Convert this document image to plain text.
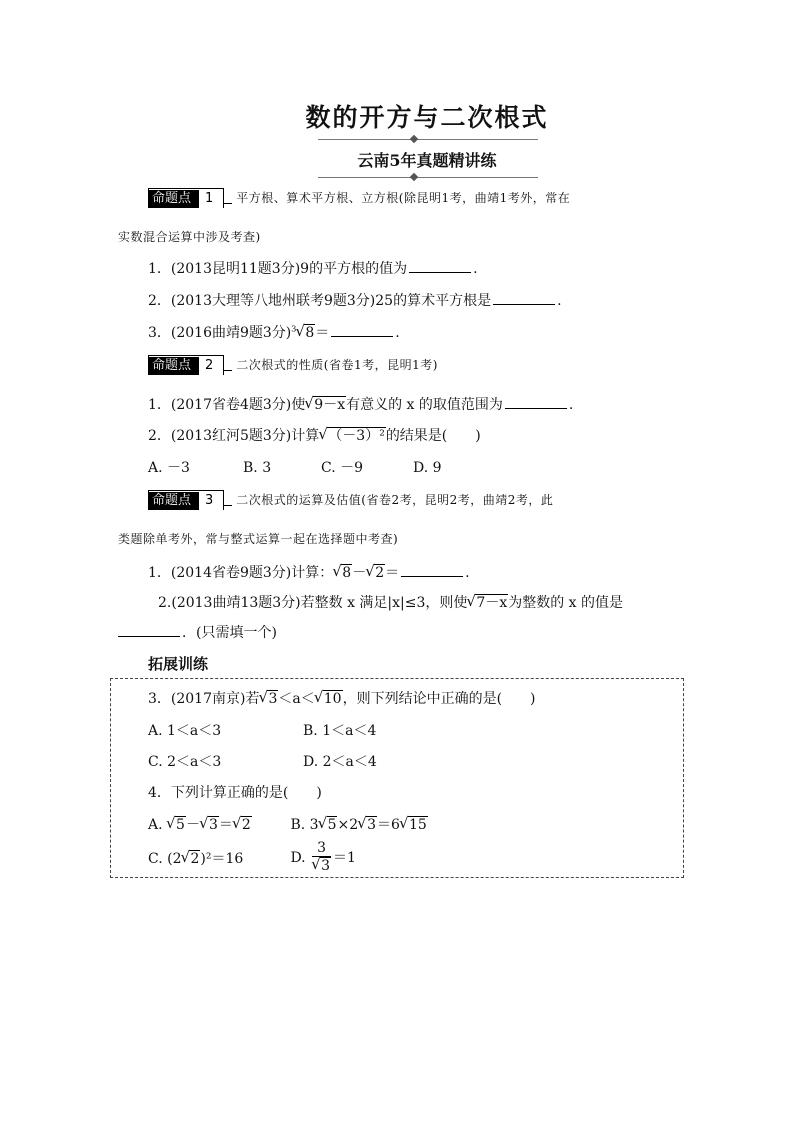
数的开方与二次根式
云南5年真题精讲练
命题点 1 平方根、算术平方根、立方根(除昆明1考，曲靖1考外，常在
实数混合运算中涉及考查)
1．(2013昆明11题3分)9的平方根的值为	.
2．(2013大理等八地州联考9题3分)25的算术平方根是	.
3．(2016曲靖9题3分)$^3$ √ 8＝	.
命题点 2 二次根式的性质(省卷1考，昆明1考)
1．(2017省卷4题3分)使 √ 9－x有意义的 x 的取值范围为	.
2．(2013红河5题3分)计算 √ （－3）²的结果是(　　)
A. －3	B. 3	C. －9	D. 9
命题点 3 二次根式的运算及估值(省卷2考，昆明2考，曲靖2考，此
类题除单考外，常与整式运算一起在选择题中考查)
1．(2014省卷9题3分)计算： √ 8－ √ 2＝	.
2.(2013曲靖13题3分)若整数 x 满足|x|≤3，则使 √ 7－x为整数的 x 的值是
．(只需填一个)
拓展训练
3．(2017南京)若 √ 3＜a＜ √ 10，则下列结论中正确的是(　　)
A. 1＜a＜3	B. 1＜a＜4
C. 2＜a＜3	D. 2＜a＜4
4．下列计算正确的是(　　)
A. √ 5－ √ 3＝ √ 2	B. 3 √ 5×2 √ 3＝6 √ 15
C. (2 √ 2)²＝16	D. 3
√ 3 ＝1
